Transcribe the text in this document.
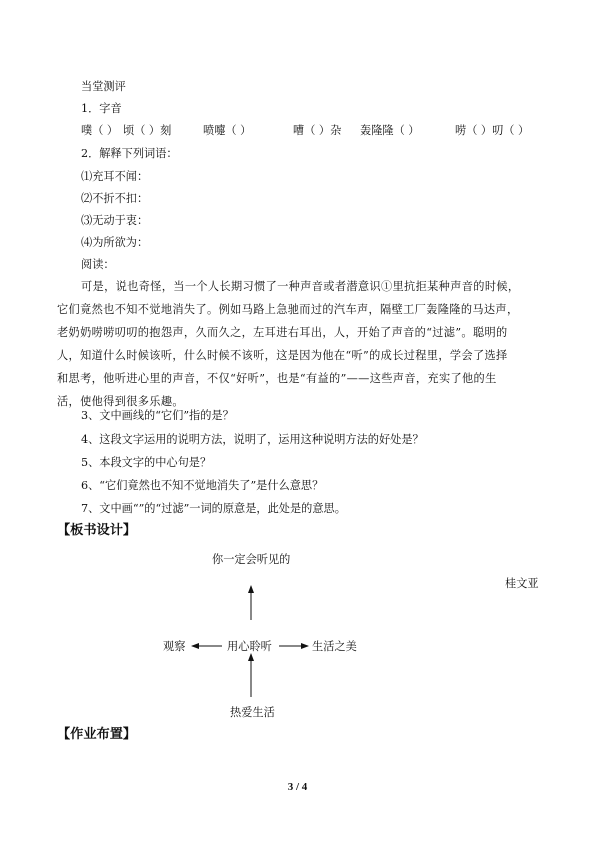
当堂测评
1．字音
噗（ ） 顷（ ）刻	喷嚏（ ）	嘈（ ）杂 轰隆隆（ ）	唠（ ）叨（ ）
2．解释下列词语：
⑴充耳不闻：
⑵不折不扣：
⑶无动于衷：
⑷为所欲为：
阅读：
可是，说也奇怪，当一个人长期习惯了一种声音或者潜意识①里抗拒某种声音的时候，
它们竟然也不知不觉地消失了。例如马路上急驰而过的汽车声，隔壁工厂轰隆隆的马达声，
老奶奶唠唠叨叨的抱怨声，久而久之，左耳进右耳出，人，开始了声音的“过滤”。聪明的
人，知道什么时候该听，什么时候不该听，这是因为他在“听”的成长过程里，学会了选择
和思考，他听进心里的声音，不仅“好听”，也是“有益的”——这些声音，充实了他的生
活，使他得到很多乐趣。
3、文中画线的“它们”指的是？
4、这段文字运用的说明方法，说明了，运用这种说明方法的好处是？
5、本段文字的中心句是？
6、“它们竟然也不知不觉地消失了”是什么意思？
7、文中画“”的“过滤”一词的原意是，此处是的意思。
【板书设计】
你一定会听见的
桂文亚
观察	用心聆听	生活之美
热爱生活
【作业布置】
3 / 4
